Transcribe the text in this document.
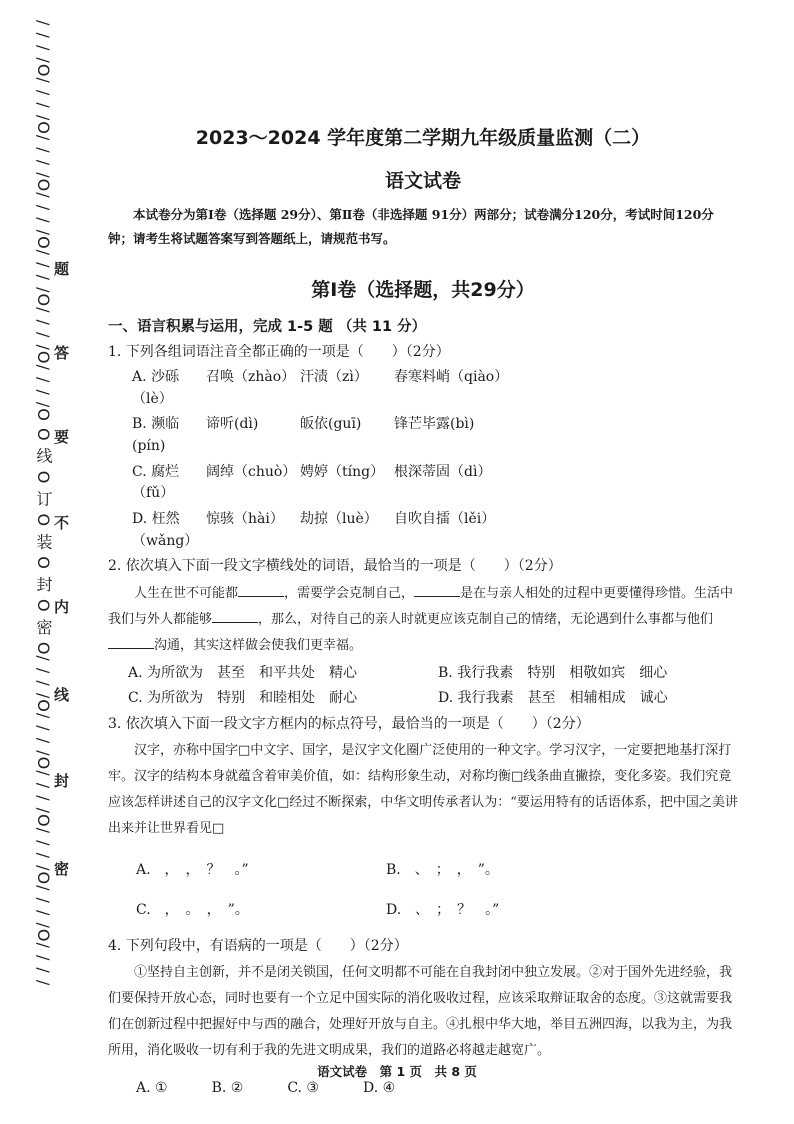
/ / / /O/ / / /O/ / / /O/ / / /O/ / / /O/ / / /O/ / / /O O 线 O 订 O 装 O 封 O 密 O/ / / /O/ / / /O/ / / /O/ / / /O/ / / /O/ / / / 题
答
要
不
内
线
封
密
2023～2024 学年度第二学期九年级质量监测（二）
语文试卷

本试卷分为第Ⅰ卷（选择题 29分）、第Ⅱ卷（非选择题 91分）两部分；试卷满分120分，考试时间120分钟；请考生将试题答案写到答题纸上，请规范书写。

第Ⅰ卷（选择题，共29分）
一、语言积累与运用，完成 1-5 题 （共 11 分）
1. 下列各组词语注音全都正确的一项是（　　）（2分）
A. 沙砾（lè）
召唤（zhào） 汗渍（zì）	春寒料峭（qiào）
B. 濒临(pín)
谛听(dì)	皈依(guī)	锋芒毕露(bì)
C. 腐烂（fǔ）
阔绰（chuò） 娉婷（tíng） 根深蒂固（dì）
D. 枉然（wǎng）
惊骇（hài）	劫掠（luè）	自吹自擂（lěi）
2. 依次填入下面一段文字横线处的词语，最恰当的一项是（　　）（2分）

人生在世不可能都	，需要学会克制自己，	是在与亲人相处的过程中更要懂得珍惜。生活中我们与外人都能够	，那么，对待自己的亲人时就更应该克制自己的情绪，无论遇到什么事都与他们沟通，其实这样做会使我们更幸福。

A. 为所欲为　甚至　和平共处　精心	B. 我行我素　特别　相敬如宾　细心
C. 为所欲为　特别　和睦相处　耐心	D. 我行我素　甚至　相辅相成　诚心
3. 依次填入下面一段文字方框内的标点符号，最恰当的一项是（　　）（2分）

汉字，亦称中国字□中文字、国字，是汉字文化圈广泛使用的一种文字。学习汉字，一定要把地基打深打牢。汉字的结构本身就蕴含着审美价值，如：结构形象生动，对称均衡□线条曲直撇捺，变化多姿。我们究竟应该怎样讲述自己的汉字文化□经过不断探索，中华文明传承者认为：“要运用特有的话语体系，把中国之美讲出来并让世界看见□

A.　，　，　？　。”	B.　、　；　，　”。
C.　，　。　，　”。	D.　、　；　？　。”
4. 下列句段中，有语病的一项是（　　）（2分）

①坚持自主创新，并不是闭关锁国，任何文明都不可能在自我封闭中独立发展。②对于国外先进经验，我们要保持开放心态，同时也要有一个立足中国实际的消化吸收过程，应该采取辩证取舍的态度。③这就需要我们在创新过程中把握好中与西的融合，处理好开放与自主。④扎根中华大地，举目五洲四海，以我为主，为我所用，消化吸收一切有利于我的先进文明成果，我们的道路必将越走越宽广。

A. ①	B. ②	C. ③	D. ④
语文试卷　第 1 页　共 8 页
